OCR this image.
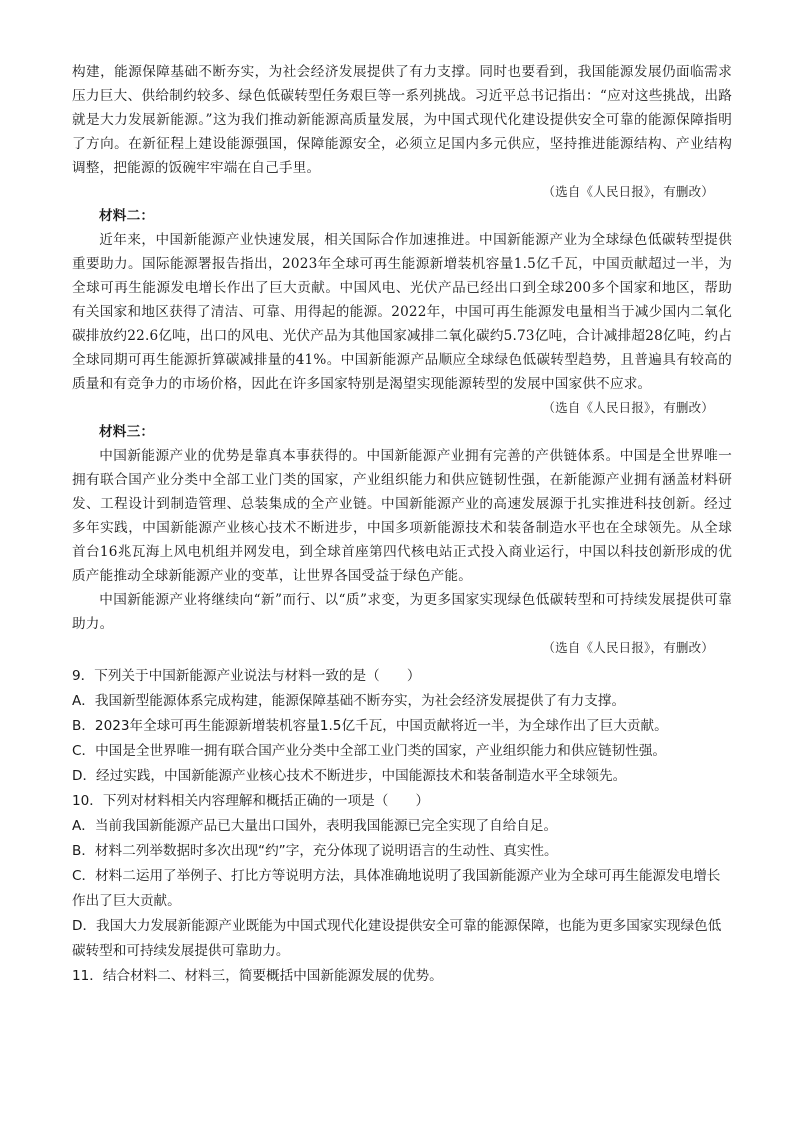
构建，能源保障基础不断夯实，为社会经济发展提供了有力支撑。同时也要看到，我国能源发展仍面临需求压力巨大、供给制约较多、绿色低碳转型任务艰巨等一系列挑战。习近平总书记指出：“应对这些挑战，出路就是大力发展新能源。”这为我们推动新能源高质量发展，为中国式现代化建设提供安全可靠的能源保障指明了方向。在新征程上建设能源强国，保障能源安全，必须立足国内多元供应，坚持推进能源结构、产业结构调整，把能源的饭碗牢牢端在自己手里。

（选自《人民日报》，有删改）

材料二：

近年来，中国新能源产业快速发展，相关国际合作加速推进。中国新能源产业为全球绿色低碳转型提供重要助力。国际能源署报告指出，2023年全球可再生能源新增装机容量1.5亿千瓦，中国贡献超过一半，为全球可再生能源发电增长作出了巨大贡献。中国风电、光伏产品已经出口到全球200多个国家和地区，帮助有关国家和地区获得了清洁、可靠、用得起的能源。2022年，中国可再生能源发电量相当于减少国内二氧化碳排放约22.6亿吨，出口的风电、光伏产品为其他国家减排二氧化碳约5.73亿吨，合计减排超28亿吨，约占全球同期可再生能源折算碳减排量的41%。中国新能源产品顺应全球绿色低碳转型趋势，且普遍具有较高的质量和有竞争力的市场价格，因此在许多国家特别是渴望实现能源转型的发展中国家供不应求。

（选自《人民日报》，有删改）

材料三：

中国新能源产业的优势是靠真本事获得的。中国新能源产业拥有完善的产供链体系。中国是全世界唯一拥有联合国产业分类中全部工业门类的国家，产业组织能力和供应链韧性强，在新能源产业拥有涵盖材料研发、工程设计到制造管理、总装集成的全产业链。中国新能源产业的高速发展源于扎实推进科技创新。经过多年实践，中国新能源产业核心技术不断进步，中国多项新能源技术和装备制造水平也在全球领先。从全球首台16兆瓦海上风电机组并网发电，到全球首座第四代核电站正式投入商业运行，中国以科技创新形成的优质产能推动全球新能源产业的变革，让世界各国受益于绿色产能。

中国新能源产业将继续向“新”而行、以“质”求变，为更多国家实现绿色低碳转型和可持续发展提供可靠助力。

（选自《人民日报》，有删改）

9．下列关于中国新能源产业说法与材料一致的是（　　）

A．我国新型能源体系完成构建，能源保障基础不断夯实，为社会经济发展提供了有力支撑。

B．2023年全球可再生能源新增装机容量1.5亿千瓦，中国贡献将近一半，为全球作出了巨大贡献。

C．中国是全世界唯一拥有联合国产业分类中全部工业门类的国家，产业组织能力和供应链韧性强。

D．经过实践，中国新能源产业核心技术不断进步，中国能源技术和装备制造水平全球领先。

10．下列对材料相关内容理解和概括正确的一项是（　　）

A．当前我国新能源产品已大量出口国外，表明我国能源已完全实现了自给自足。

B．材料二列举数据时多次出现“约”字，充分体现了说明语言的生动性、真实性。

C．材料二运用了举例子、打比方等说明方法，具体准确地说明了我国新能源产业为全球可再生能源发电增长作出了巨大贡献。

D．我国大力发展新能源产业既能为中国式现代化建设提供安全可靠的能源保障，也能为更多国家实现绿色低碳转型和可持续发展提供可靠助力。

11．结合材料二、材料三，简要概括中国新能源发展的优势。
